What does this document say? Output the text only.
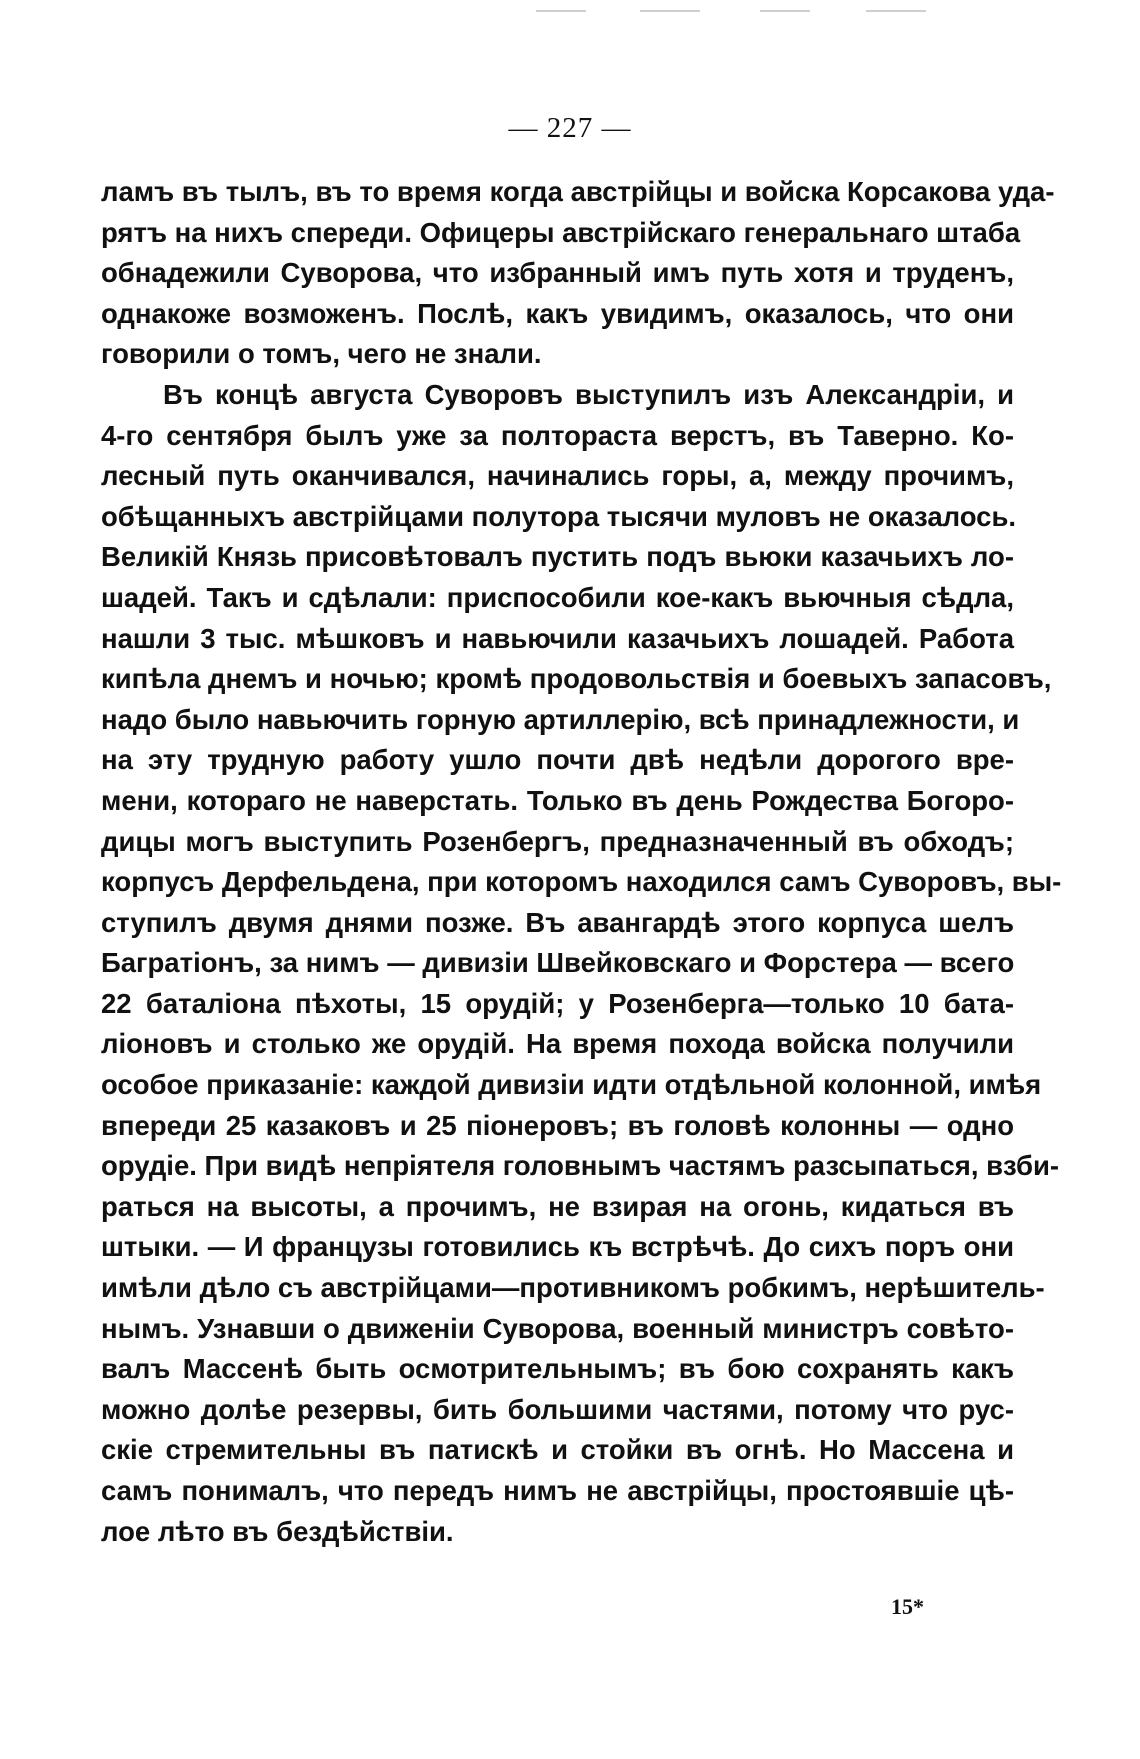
— 227 —

ламъ въ тылъ, въ то время когда австрійцы и войска Корсакова уда-
рятъ на нихъ спереди. Офицеры австрійскаго генеральнаго штаба
обнадежили Суворова, что избранный имъ путь хотя и труденъ,
однакоже возможенъ. Послѣ, какъ увидимъ, оказалось, что они
говорили о томъ, чего не знали.

Въ концѣ августа Суворовъ выступилъ изъ Александріи, и
4-го сентября былъ уже за полтораста верстъ, въ Таверно. Ко-
лесный путь оканчивался, начинались горы, а, между прочимъ,
обѣщанныхъ австрійцами полутора тысячи муловъ не оказалось.
Великій Князь присовѣтовалъ пустить подъ вьюки казачьихъ ло-
шадей. Такъ и сдѣлали: приспособили кое-какъ вьючныя сѣдла,
нашли 3 тыс. мѣшковъ и навьючили казачьихъ лошадей. Работа
кипѣла днемъ и ночью; кромѣ продовольствія и боевыхъ запасовъ,
надо было навьючить горную артиллерію, всѣ принадлежности, и
на эту трудную работу ушло почти двѣ недѣли дорогого вре-
мени, котораго не наверстать. Только въ день Рождества Богоро-
дицы могъ выступить Розенбергъ, предназначенный въ обходъ;
корпусъ Дерфельдена, при которомъ находился самъ Суворовъ, вы-
ступилъ двумя днями позже. Въ авангардѣ этого корпуса шелъ
Багратіонъ, за нимъ — дивизіи Швейковскаго и Форстера — всего
22 баталіона пѣхоты, 15 орудій; у Розенберга—только 10 бата-
ліоновъ и столько же орудій. На время похода войска получили
особое приказаніе: каждой дивизіи идти отдѣльной колонной, имѣя
впереди 25 казаковъ и 25 піонеровъ; въ головѣ колонны — одно
орудіе. При видѣ непріятеля головнымъ частямъ разсыпаться, взби-
раться на высоты, а прочимъ, не взирая на огонь, кидаться въ
штыки. — И французы готовились къ встрѣчѣ. До сихъ поръ они
имѣли дѣло съ австрійцами—противникомъ робкимъ, нерѣшитель-
нымъ. Узнавши о движеніи Суворова, военный министръ совѣто-
валъ Массенѣ быть осмотрительнымъ; въ бою сохранять какъ
можно долѣе резервы, бить большими частями, потому что рус-
скіе стремительны въ патискѣ и стойки въ огнѣ. Но Массена и
самъ понималъ, что передъ нимъ не австрійцы, простоявшіе цѣ-
лое лѣто въ бездѣйствіи.

15*
